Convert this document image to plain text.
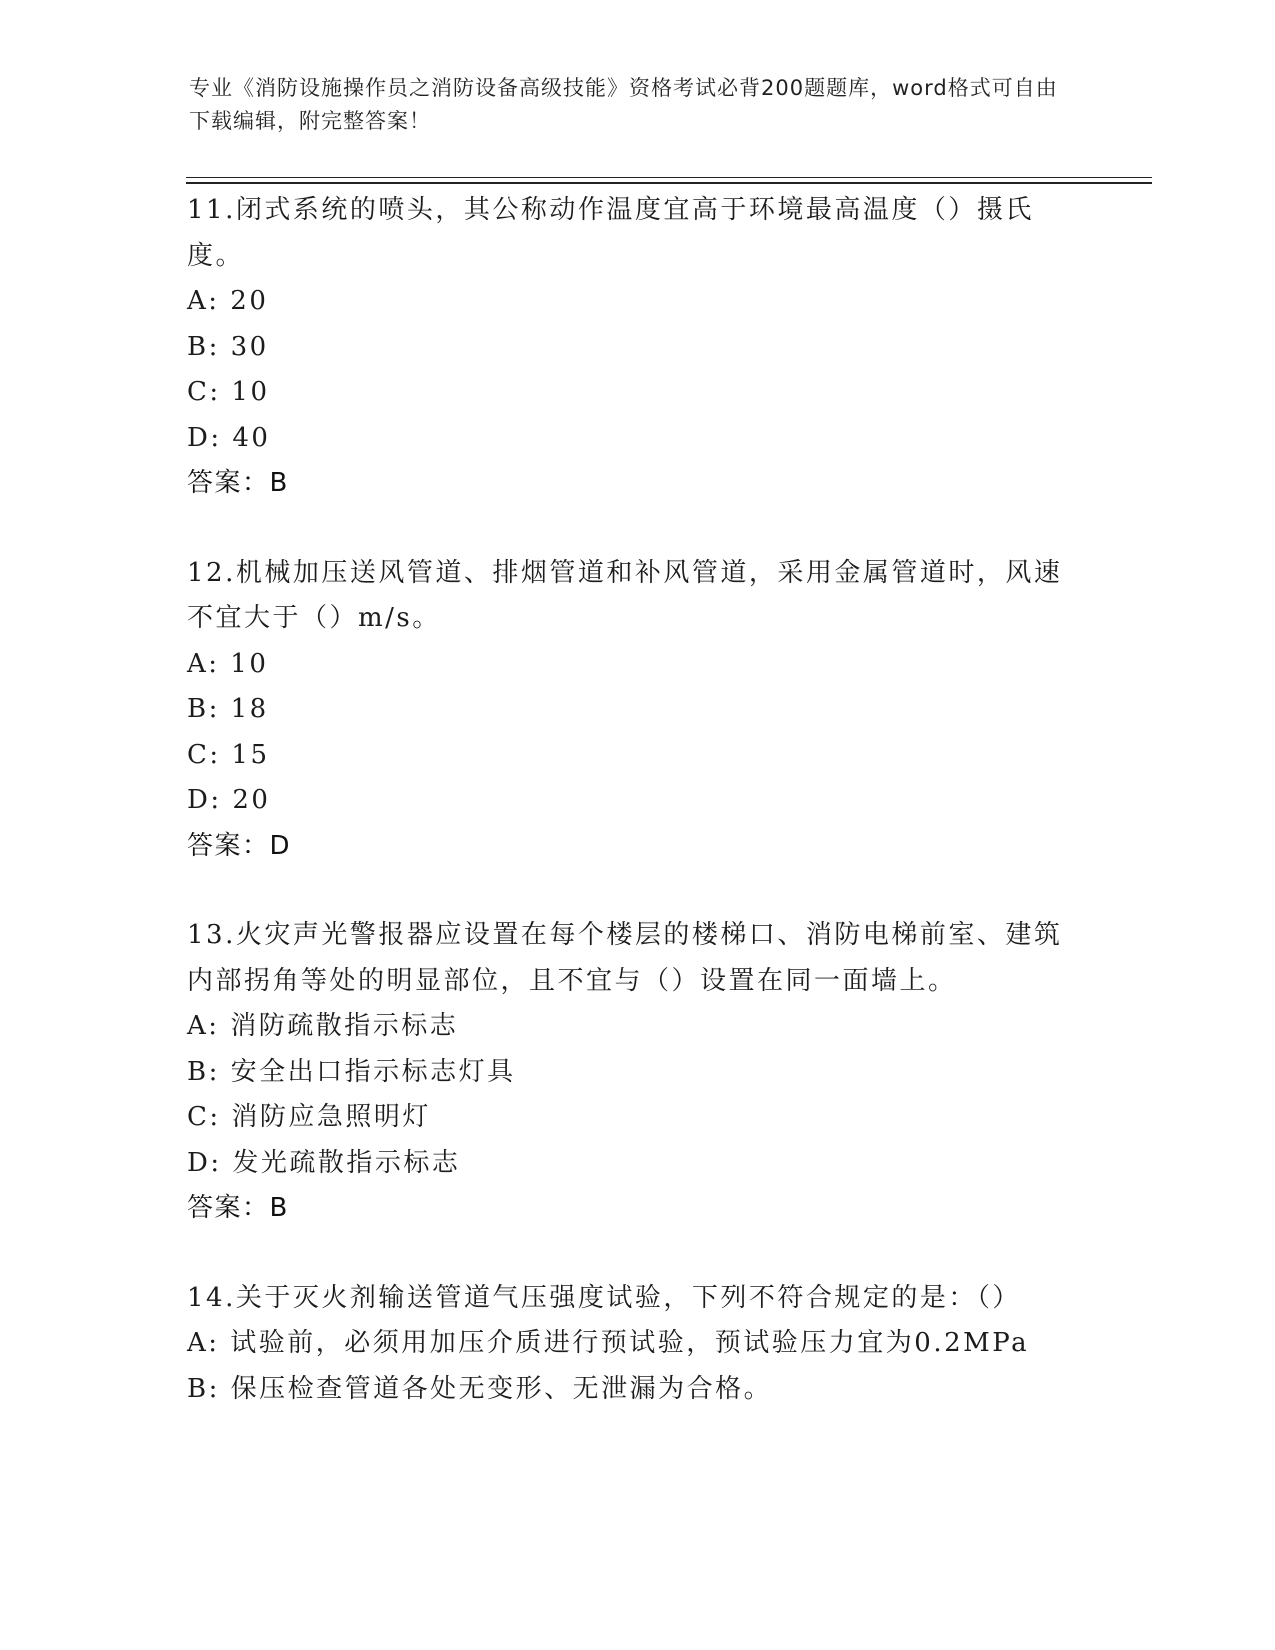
专业《消防设施操作员之消防设备高级技能》资格考试必背200题题库，word格式可自由下载编辑，附完整答案！
11.闭式系统的喷头，其公称动作温度宜高于环境最高温度（）摄氏度。
A: 20
B: 30
C: 10
D: 40
答案：B
12.机械加压送风管道、排烟管道和补风管道，采用金属管道时，风速不宜大于（）m/s。
A: 10
B: 18
C: 15
D: 20
答案：D
13.火灾声光警报器应设置在每个楼层的楼梯口、消防电梯前室、建筑内部拐角等处的明显部位，且不宜与（）设置在同一面墙上。
A: 消防疏散指示标志
B: 安全出口指示标志灯具
C: 消防应急照明灯
D: 发光疏散指示标志
答案：B
14.关于灭火剂输送管道气压强度试验，下列不符合规定的是：（）
A: 试验前，必须用加压介质进行预试验，预试验压力宜为0.2MPa
B: 保压检查管道各处无变形、无泄漏为合格。
